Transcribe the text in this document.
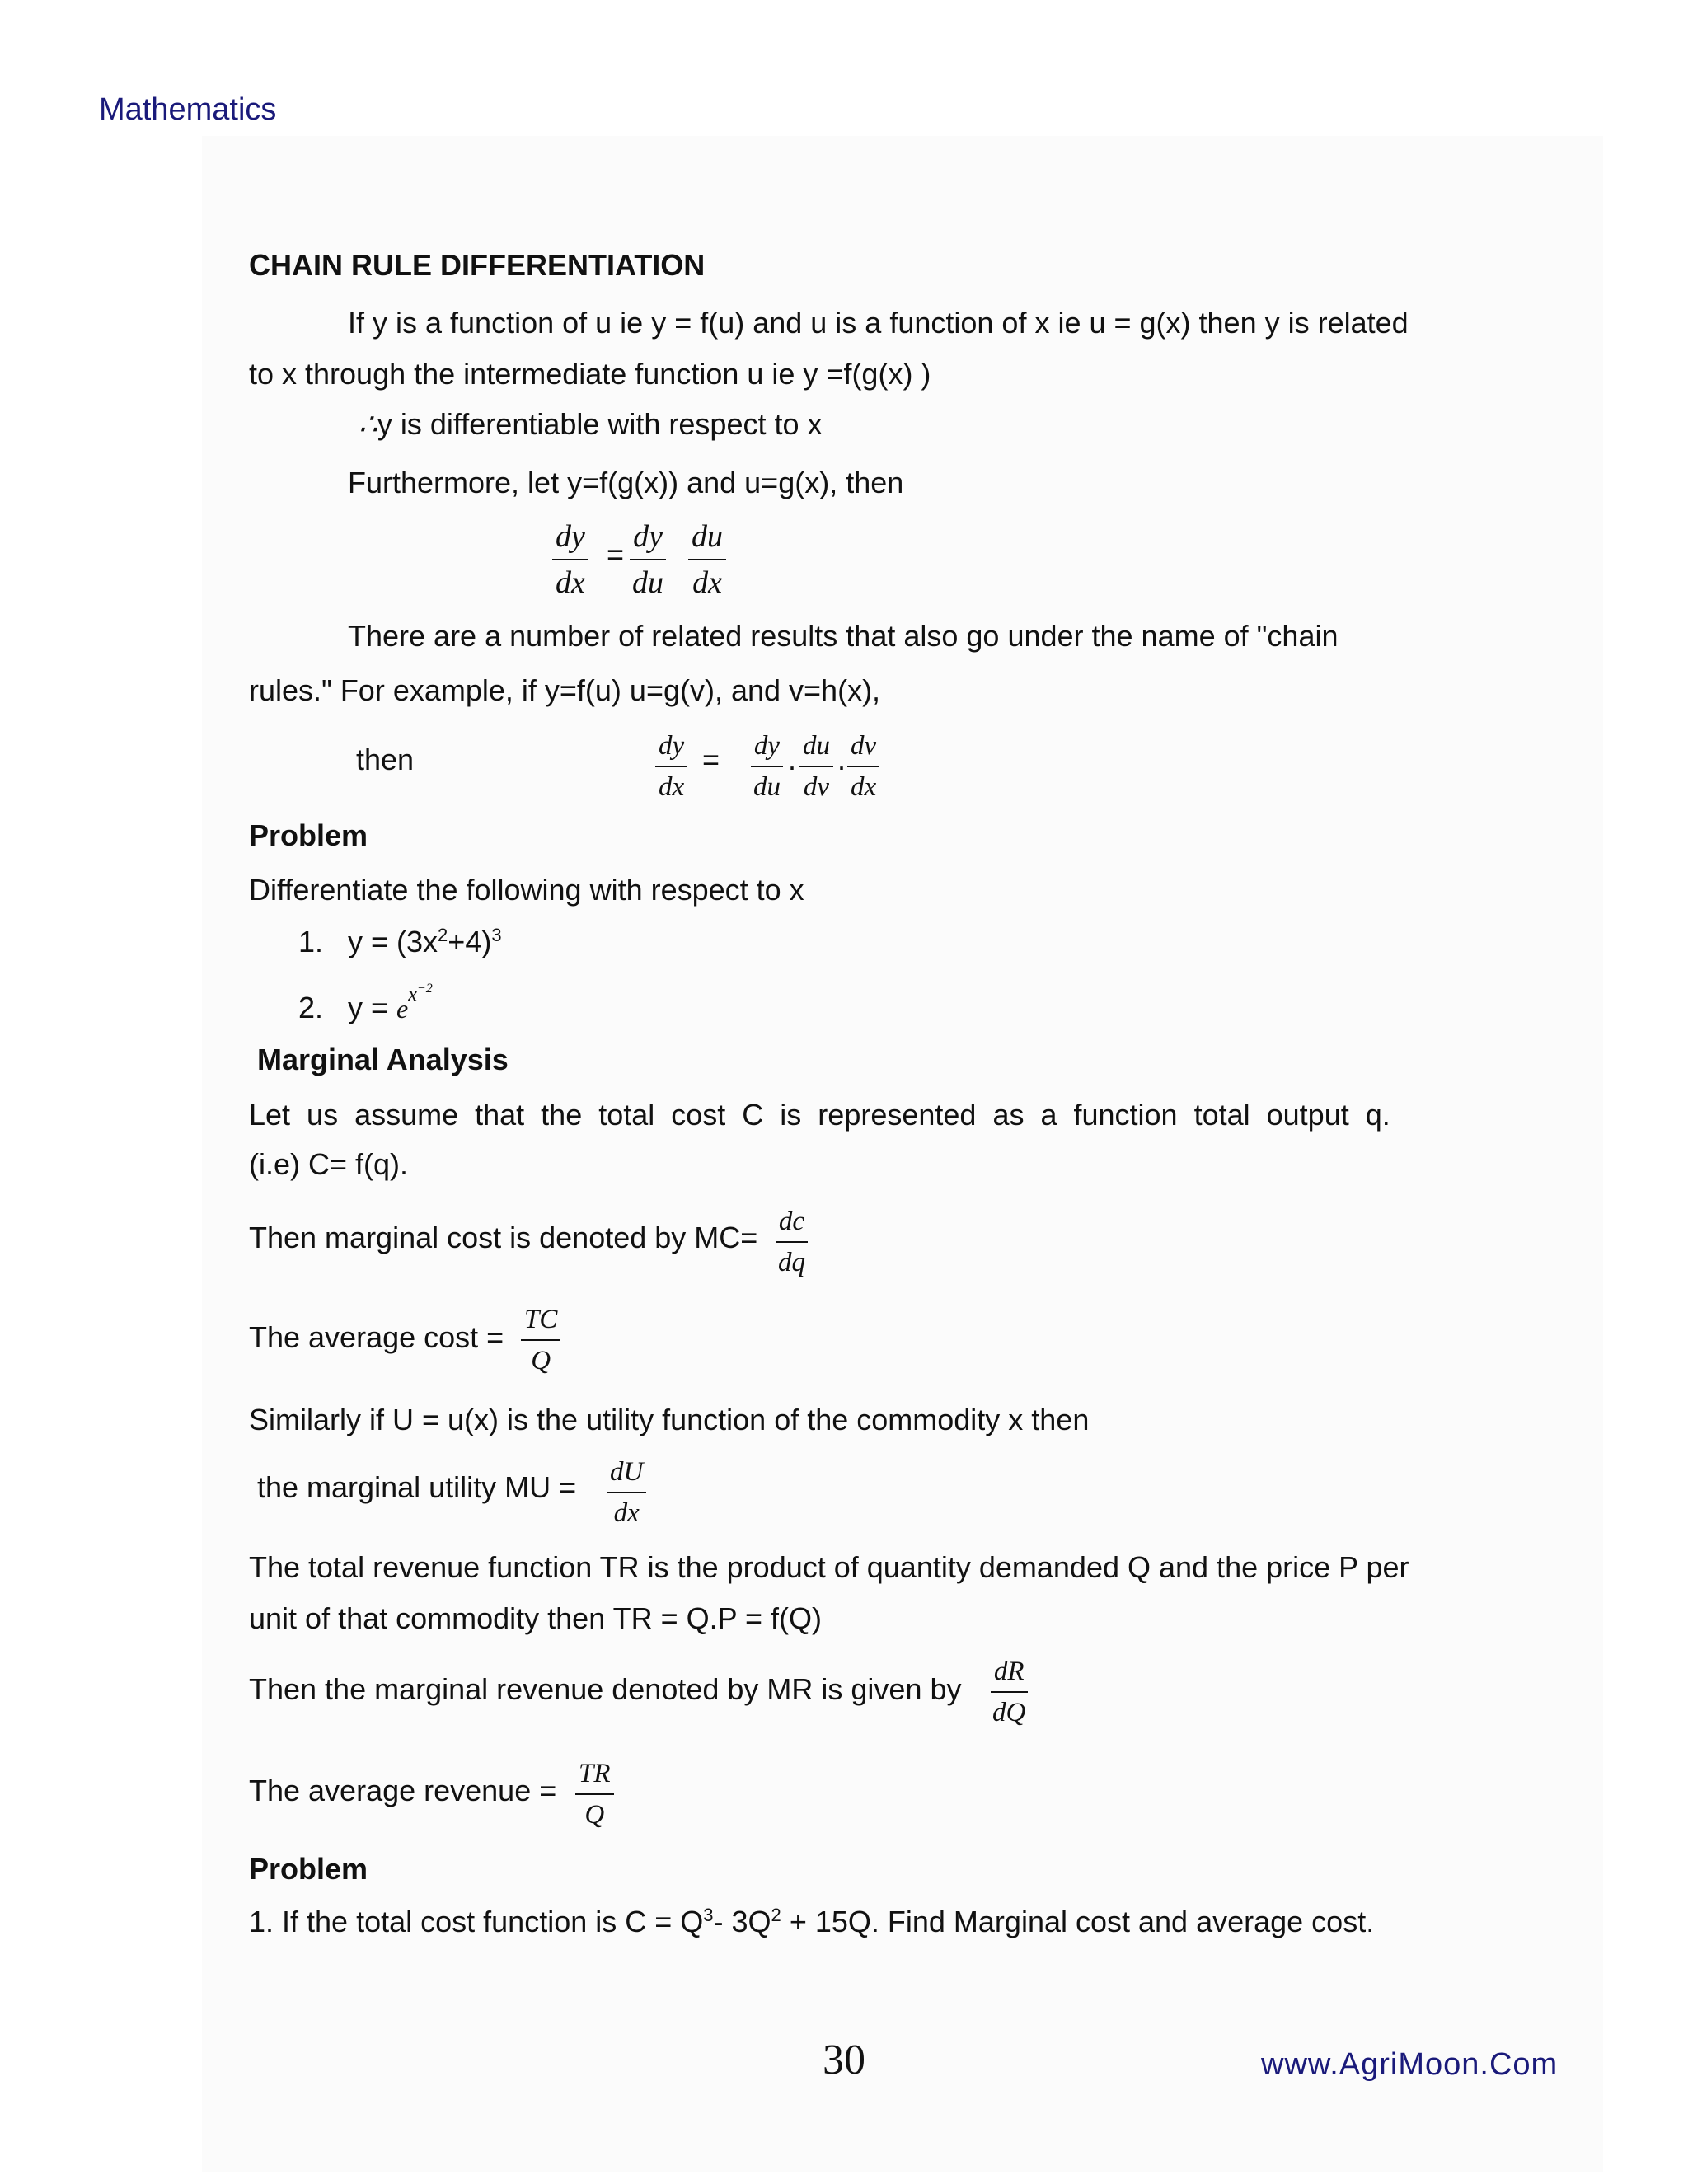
Mathematics
CHAIN RULE DIFFERENTIATION
If y is a function of u ie y = f(u) and u is a function of x ie u = g(x) then y is related
to x through the intermediate function u ie y =f(g(x) )
∴y is differentiable with respect to x
Furthermore, let y=f(g(x)) and u=g(x), then
$\frac{dy}{dx} = \frac{dy}{du} \frac{du}{dx}$
There are a number of related results that also go under the name of "chain
rules." For example, if y=f(u) u=g(v), and v=h(x),
then	$\frac{dy}{dx} = \frac{dy}{du}$ . $\frac{du}{dv}$ . $\frac{dv}{dx}$
Problem
Differentiate the following with respect to x
1. $y = (3x^2+4)^3$
2. $y = e^{x^{-2}}$
Marginal Analysis
Let  us  assume  that  the  total  cost  C  is  represented  as  a  function  total  output  q.
(i.e) C= f(q).
Then marginal cost is denoted by $MC= \frac{dc}{dq}$
The average $\cos t = \frac{TC}{Q}$
Similarly if U = u(x) is the utility function of the commodity x then
the marginal utility MU = $\frac{dU}{dx}$
The total revenue function TR is the product of quantity demanded Q and the price P per
unit of that commodity then TR = Q.P = f(Q)
Then the marginal revenue denoted by MR is given by $\frac{dR}{dQ}$
The average revenue = $\frac{TR}{Q}$
Problem
1. If the total cost function is $C = Q^3-$ $3Q^2 + 15Q$. Find Marginal cost and average cost.
30	www.AgriMoon.Com
